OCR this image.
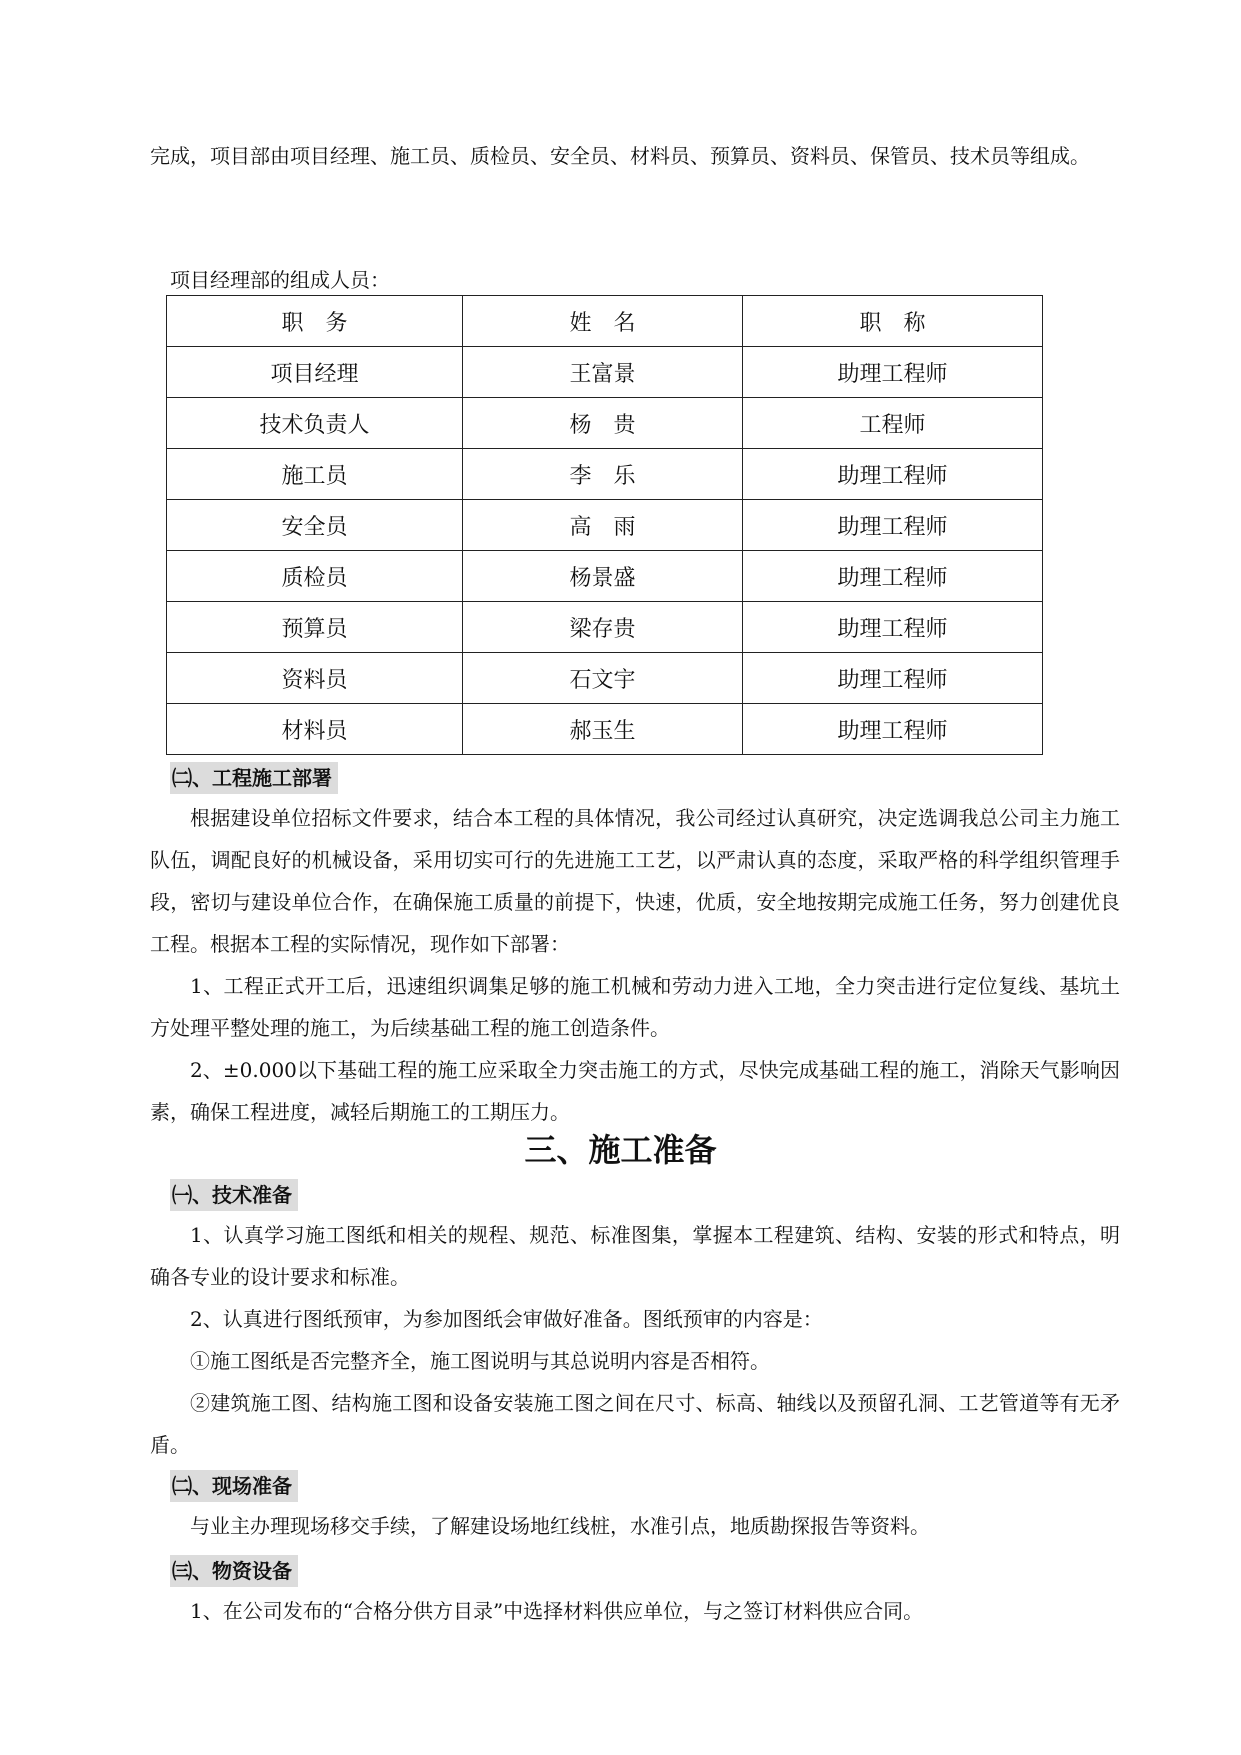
完成，项目部由项目经理、施工员、质检员、安全员、材料员、预算员、资料员、保管员、技术员等组成。

项目经理部的组成人员：

职　务	姓　名	职　称
项目经理	王富景	助理工程师
技术负责人	杨　贵	工程师
施工员	李　乐	助理工程师
安全员	高　雨	助理工程师
质检员	杨景盛	助理工程师
预算员	梁存贵	助理工程师
资料员	石文宇	助理工程师
材料员	郝玉生	助理工程师

㈡、工程施工部署

根据建设单位招标文件要求，结合本工程的具体情况，我公司经过认真研究，决定选调我总公司主力施工队伍，调配良好的机械设备，采用切实可行的先进施工工艺，以严肃认真的态度，采取严格的科学组织管理手段，密切与建设单位合作，在确保施工质量的前提下，快速，优质，安全地按期完成施工任务，努力创建优良工程。根据本工程的实际情况，现作如下部署：

1、工程正式开工后，迅速组织调集足够的施工机械和劳动力进入工地，全力突击进行定位复线、基坑土方处理平整处理的施工，为后续基础工程的施工创造条件。

2、±0.000以下基础工程的施工应采取全力突击施工的方式，尽快完成基础工程的施工，消除天气影响因素，确保工程进度，减轻后期施工的工期压力。

三、施工准备

㈠、技术准备

1、认真学习施工图纸和相关的规程、规范、标准图集，掌握本工程建筑、结构、安装的形式和特点，明确各专业的设计要求和标准。

2、认真进行图纸预审，为参加图纸会审做好准备。图纸预审的内容是：

①施工图纸是否完整齐全，施工图说明与其总说明内容是否相符。

②建筑施工图、结构施工图和设备安装施工图之间在尺寸、标高、轴线以及预留孔洞、工艺管道等有无矛盾。

㈡、现场准备

与业主办理现场移交手续，了解建设场地红线桩，水准引点，地质勘探报告等资料。

㈢、物资设备

1、在公司发布的“合格分供方目录”中选择材料供应单位，与之签订材料供应合同。
